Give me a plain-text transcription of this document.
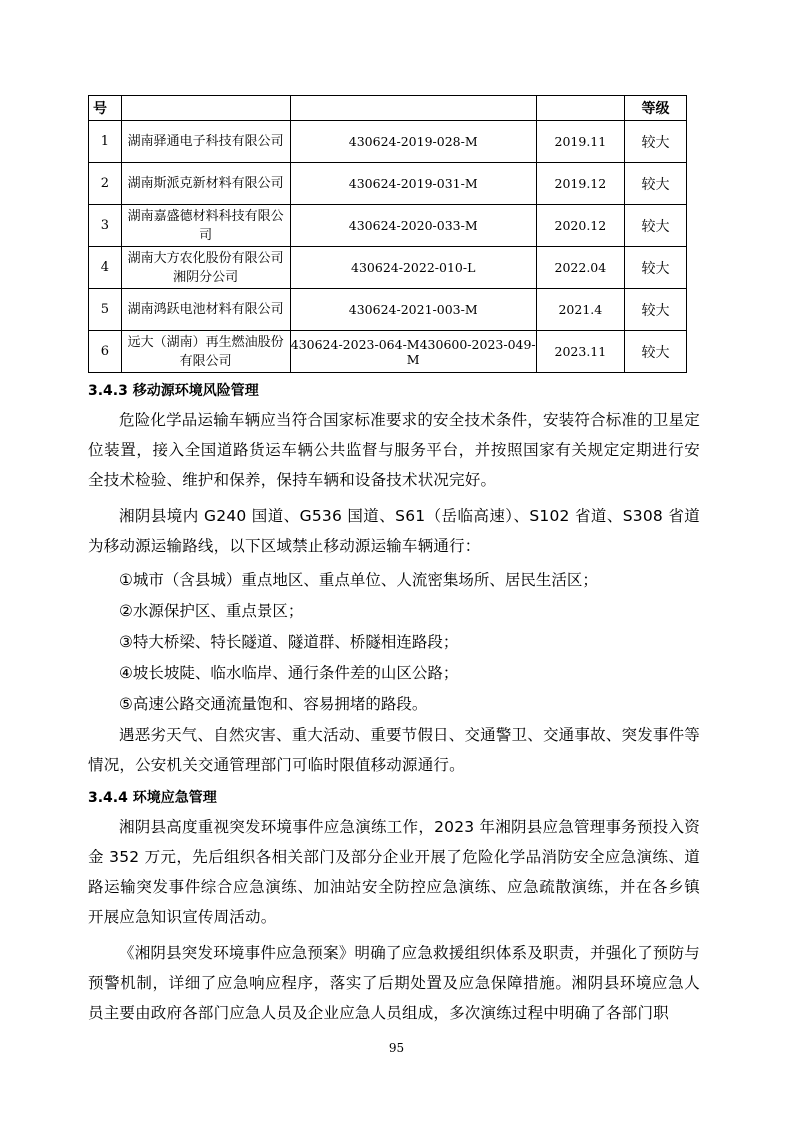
号				等级
1	湖南驿通电子科技有限公司	430624-2019-028-M	2019.11	较大
2	湖南斯派克新材料有限公司	430624-2019-031-M	2019.12	较大
3	湖南嘉盛德材料科技有限公司	430624-2020-033-M	2020.12	较大
4	湖南大方农化股份有限公司湘阴分公司	430624-2022-010-L	2022.04	较大
5	湖南鸿跃电池材料有限公司	430624-2021-003-M	2021.4	较大
6	远大（湖南）再生燃油股份有限公司	430624-2023-064-M430600-2023-049-M	2023.11	较大
3.4.3 移动源环境风险管理
危险化学品运输车辆应当符合国家标准要求的安全技术条件，安装符合标准的卫星定位装置，接入全国道路货运车辆公共监督与服务平台，并按照国家有关规定定期进行安全技术检验、维护和保养，保持车辆和设备技术状况完好。
湘阴县境内 G240 国道、G536 国道、S61（岳临高速）、S102 省道、S308 省道为移动源运输路线，以下区域禁止移动源运输车辆通行：
①城市（含县城）重点地区、重点单位、人流密集场所、居民生活区；
②水源保护区、重点景区；
③特大桥梁、特长隧道、隧道群、桥隧相连路段；
④坡长坡陡、临水临岸、通行条件差的山区公路；
⑤高速公路交通流量饱和、容易拥堵的路段。
遇恶劣天气、自然灾害、重大活动、重要节假日、交通警卫、交通事故、突发事件等情况，公安机关交通管理部门可临时限值移动源通行。
3.4.4 环境应急管理
湘阴县高度重视突发环境事件应急演练工作，2023 年湘阴县应急管理事务预投入资金 352 万元，先后组织各相关部门及部分企业开展了危险化学品消防安全应急演练、道路运输突发事件综合应急演练、加油站安全防控应急演练、应急疏散演练，并在各乡镇开展应急知识宣传周活动。
《湘阴县突发环境事件应急预案》明确了应急救援组织体系及职责，并强化了预防与预警机制，详细了应急响应程序，落实了后期处置及应急保障措施。湘阴县环境应急人员主要由政府各部门应急人员及企业应急人员组成，多次演练过程中明确了各部门职
95
